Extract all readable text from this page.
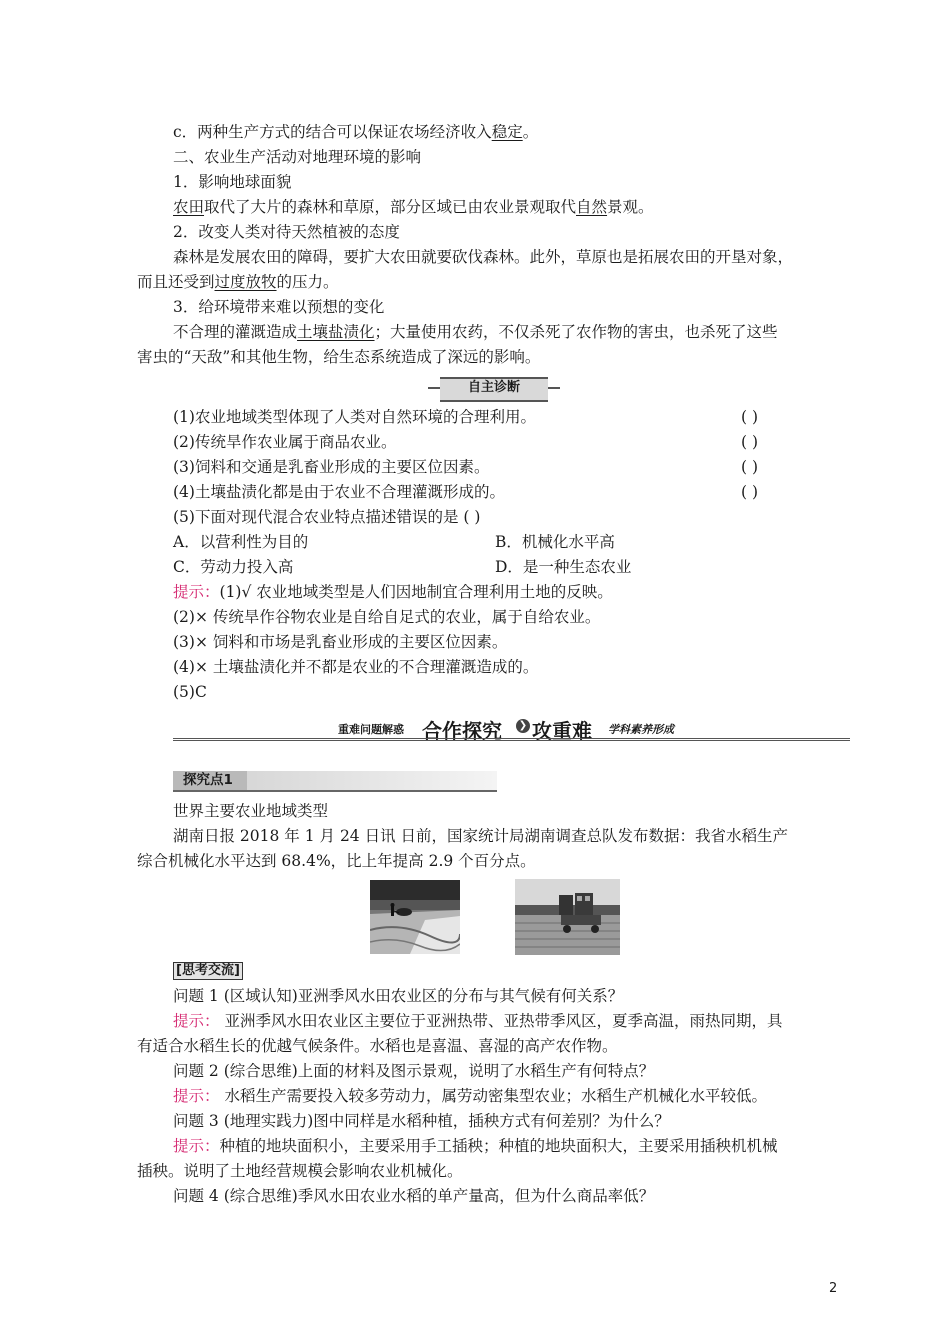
c．两种生产方式的结合可以保证农场经济收入稳定。
二、农业生产活动对地理环境的影响
1．影响地球面貌
农田取代了大片的森林和草原，部分区域已由农业景观取代自然景观。
2．改变人类对待天然植被的态度
森林是发展农田的障碍，要扩大农田就要砍伐森林。此外，草原也是拓展农田的开垦对象，
而且还受到过度放牧的压力。
3．给环境带来难以预想的变化
不合理的灌溉造成土壤盐渍化；大量使用农药，不仅杀死了农作物的害虫，也杀死了这些
害虫的“天敌”和其他生物，给生态系统造成了深远的影响。
自主诊断
(1)农业地域类型体现了人类对自然环境的合理利用。	( )
(2)传统旱作农业属于商品农业。	( )
(3)饲料和交通是乳畜业形成的主要区位因素。	( )
(4)土壤盐渍化都是由于农业不合理灌溉形成的。	( )
(5)下面对现代混合农业特点描述错误的是 ( )
A．以营利性为目的	B．机械化水平高
C．劳动力投入高	D．是一种生态农业
提示：(1)√ 农业地域类型是人们因地制宜合理利用土地的反映。
(2)× 传统旱作谷物农业是自给自足式的农业，属于自给农业。
(3)× 饲料和市场是乳畜业形成的主要区位因素。
(4)× 土壤盐渍化并不都是农业的不合理灌溉造成的。
(5)C
重难问题解惑 合作探究 ❯ 攻重难 学科素养形成
探究点1
世界主要农业地域类型
湖南日报 2018 年 1 月 24 日讯 日前，国家统计局湖南调查总队发布数据：我省水稻生产
综合机械化水平达到 68.4%，比上年提高 2.9 个百分点。
[思考交流]
问题 1 (区域认知)亚洲季风水田农业区的分布与其气候有何关系？
提示： 亚洲季风水田农业区主要位于亚洲热带、亚热带季风区，夏季高温，雨热同期，具
有适合水稻生长的优越气候条件。水稻也是喜温、喜湿的高产农作物。
问题 2 (综合思维)上面的材料及图示景观，说明了水稻生产有何特点？
提示： 水稻生产需要投入较多劳动力，属劳动密集型农业；水稻生产机械化水平较低。
问题 3 (地理实践力)图中同样是水稻种植，插秧方式有何差别？为什么？
提示：种植的地块面积小，主要采用手工插秧；种植的地块面积大，主要采用插秧机机械
插秧。说明了土地经营规模会影响农业机械化。
问题 4 (综合思维)季风水田农业水稻的单产量高，但为什么商品率低？
2
